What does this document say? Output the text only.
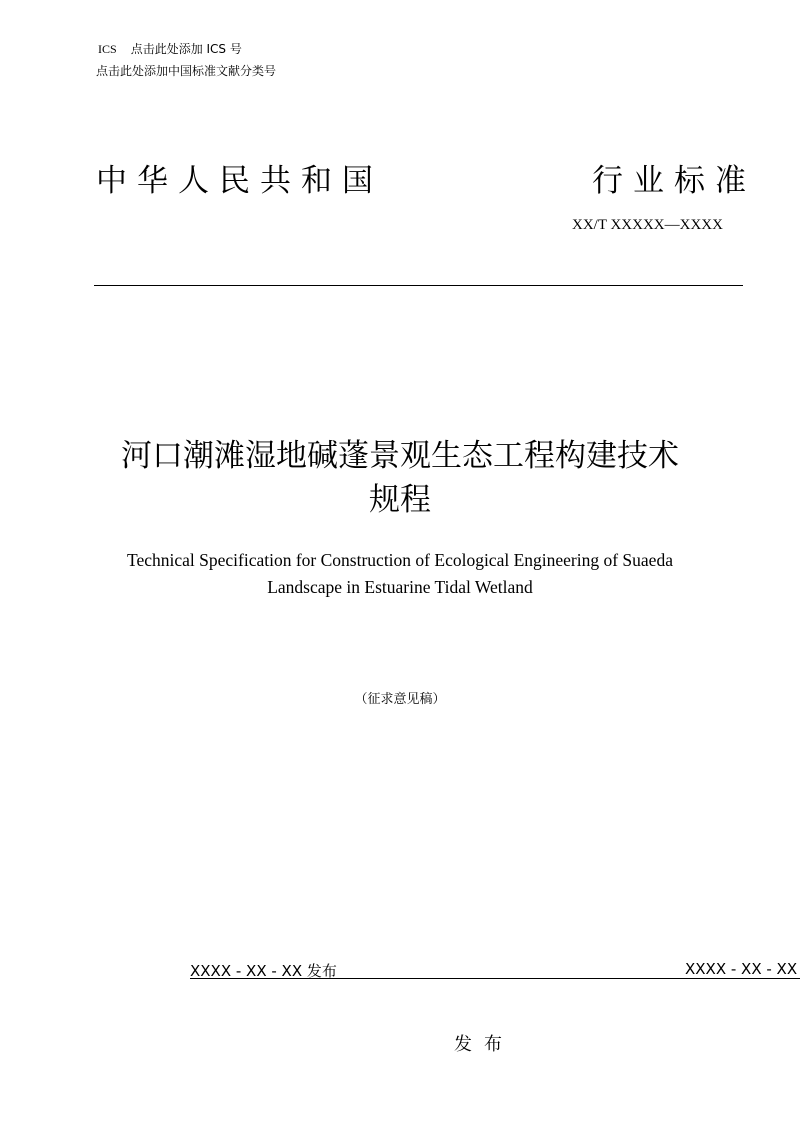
ICS 点击此处添加 ICS 号
点击此处添加中国标准文献分类号
中华人民共和国	行业标准
XX/T XXXXX—XXXX
河口潮滩湿地碱蓬景观生态工程构建技术
规程
Technical Specification for Construction of Ecological Engineering of Suaeda
Landscape in Estuarine Tidal Wetland
（征求意见稿）
XXXX - XX - XX 发布	XXXX - XX - XX
发布
